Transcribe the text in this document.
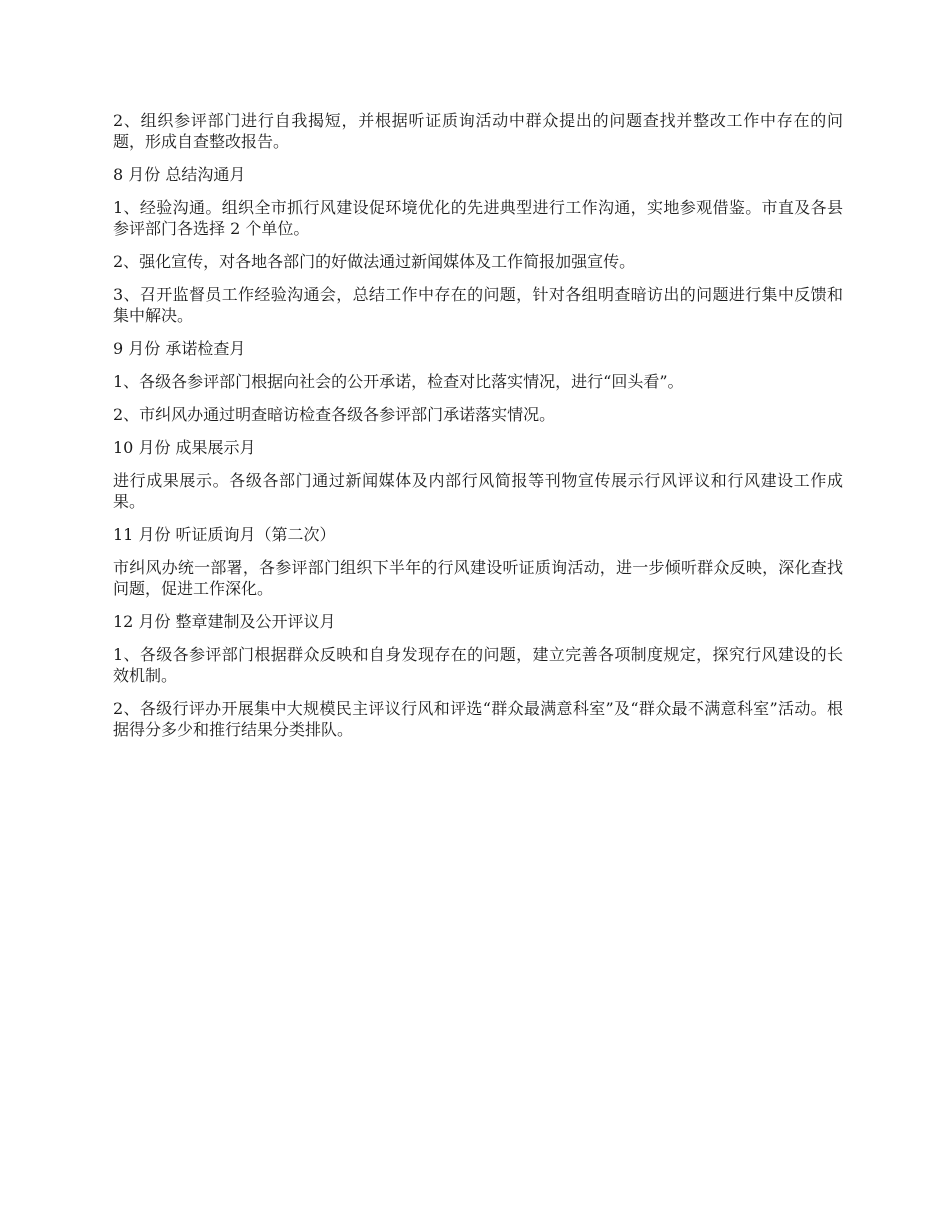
2、组织参评部门进行自我揭短，并根据听证质询活动中群众提出的问题查找并整改工作中存在的问题，形成自查整改报告。

8 月份 总结沟通月

1、经验沟通。组织全市抓行风建设促环境优化的先进典型进行工作沟通，实地参观借鉴。市直及各县参评部门各选择 2 个单位。

2、强化宣传，对各地各部门的好做法通过新闻媒体及工作简报加强宣传。

3、召开监督员工作经验沟通会，总结工作中存在的问题，针对各组明查暗访出的问题进行集中反馈和集中解决。

9 月份 承诺检查月

1、各级各参评部门根据向社会的公开承诺，检查对比落实情况，进行“回头看”。

2、市纠风办通过明查暗访检查各级各参评部门承诺落实情况。

10 月份 成果展示月

进行成果展示。各级各部门通过新闻媒体及内部行风简报等刊物宣传展示行风评议和行风建设工作成果。

11 月份 听证质询月（第二次）

市纠风办统一部署，各参评部门组织下半年的行风建设听证质询活动，进一步倾听群众反映，深化查找问题，促进工作深化。

12 月份 整章建制及公开评议月

1、各级各参评部门根据群众反映和自身发现存在的问题，建立完善各项制度规定，探究行风建设的长效机制。

2、各级行评办开展集中大规模民主评议行风和评选“群众最满意科室”及“群众最不满意科室”活动。根据得分多少和推行结果分类排队。
